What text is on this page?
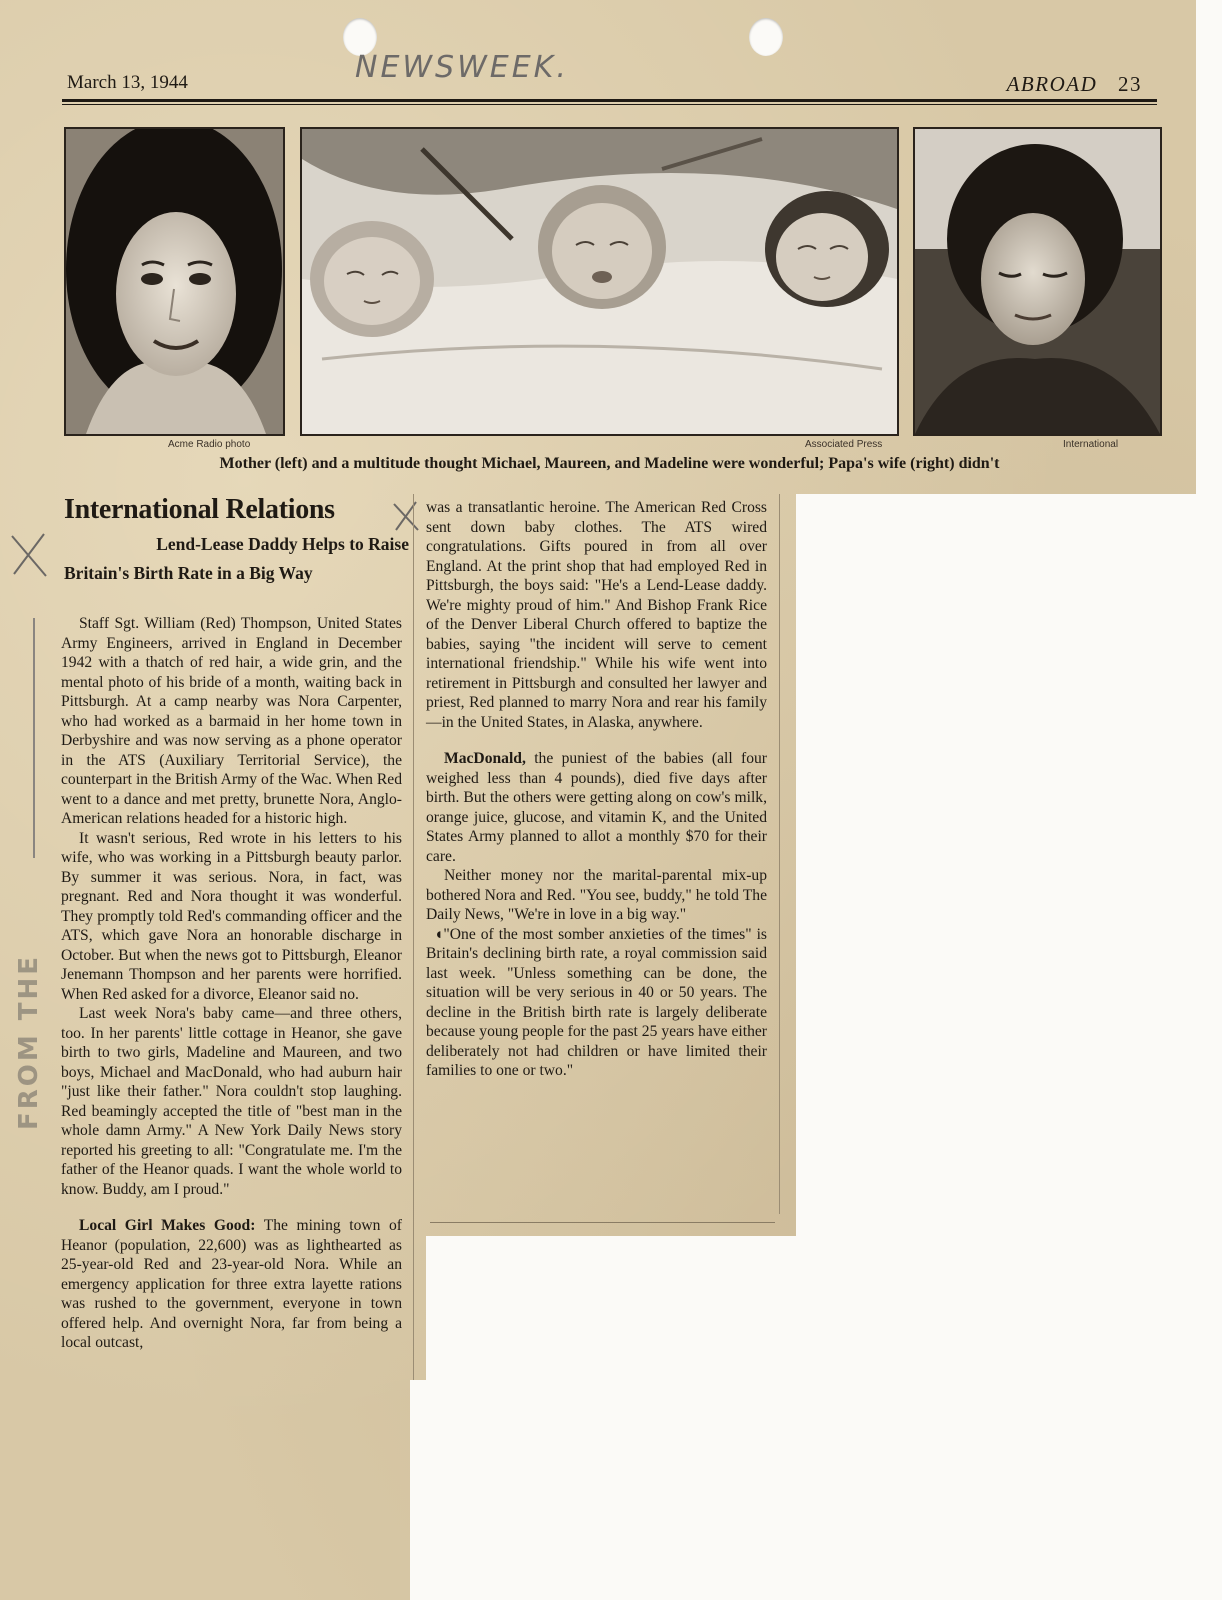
NEWSWEEK.
March 13, 1944	ABROAD 23
Acme Radio photo	Associated Press	International
Mother (left) and a multitude thought Michael, Maureen, and Madeline were wonderful; Papa's wife (right) didn't
International Relations
Lend-Lease Daddy Helps to Raise
Britain's Birth Rate in a Big Way

Staff Sgt. William (Red) Thompson, United States Army Engineers, arrived in England in December 1942 with a thatch of red hair, a wide grin, and the mental photo of his bride of a month, waiting back in Pittsburgh. At a camp nearby was Nora Carpenter, who had worked as a barmaid in her home town in Derbyshire and was now serving as a phone operator in the ATS (Auxiliary Territorial Service), the counterpart in the British Army of the Wac. When Red went to a dance and met pretty, brunette Nora, Anglo-American relations headed for a historic high.

It wasn't serious, Red wrote in his letters to his wife, who was working in a Pittsburgh beauty parlor. By summer it was serious. Nora, in fact, was pregnant. Red and Nora thought it was wonderful. They promptly told Red's commanding officer and the ATS, which gave Nora an honorable discharge in October. But when the news got to Pittsburgh, Eleanor Jenemann Thompson and her parents were horrified. When Red asked for a divorce, Eleanor said no.

Last week Nora's baby came—and three others, too. In her parents' little cottage in Heanor, she gave birth to two girls, Madeline and Maureen, and two boys, Michael and MacDonald, who had auburn hair "just like their father." Nora couldn't stop laughing. Red beamingly accepted the title of "best man in the whole damn Army." A New York Daily News story reported his greeting to all: "Congratulate me. I'm the father of the Heanor quads. I want the whole world to know. Buddy, am I proud."

Local Girl Makes Good: The mining town of Heanor (population, 22,600) was as lighthearted as 25-year-old Red and 23-year-old Nora. While an emergency application for three extra layette rations was rushed to the government, everyone in town offered help. And overnight Nora, far from being a local outcast,

was a transatlantic heroine. The American Red Cross sent down baby clothes. The ATS wired congratulations. Gifts poured in from all over England. At the print shop that had employed Red in Pittsburgh, the boys said: "He's a Lend-Lease daddy. We're mighty proud of him." And Bishop Frank Rice of the Denver Liberal Church offered to baptize the babies, saying "the incident will serve to cement international friendship." While his wife went into retirement in Pittsburgh and consulted her lawyer and priest, Red planned to marry Nora and rear his family—in the United States, in Alaska, anywhere.

MacDonald, the puniest of the babies (all four weighed less than 4 pounds), died five days after birth. But the others were getting along on cow's milk, orange juice, glucose, and vitamin K, and the United States Army planned to allot a monthly $70 for their care.

Neither money nor the marital-parental mix-up bothered Nora and Red. "You see, buddy," he told The Daily News, "We're in love in a big way."

◖"One of the most somber anxieties of the times" is Britain's declining birth rate, a royal commission said last week. "Unless something can be done, the situation will be very serious in 40 or 50 years. The decline in the British birth rate is largely deliberate because young people for the past 25 years have either deliberately not had children or have limited their families to one or two."

FROM THE
